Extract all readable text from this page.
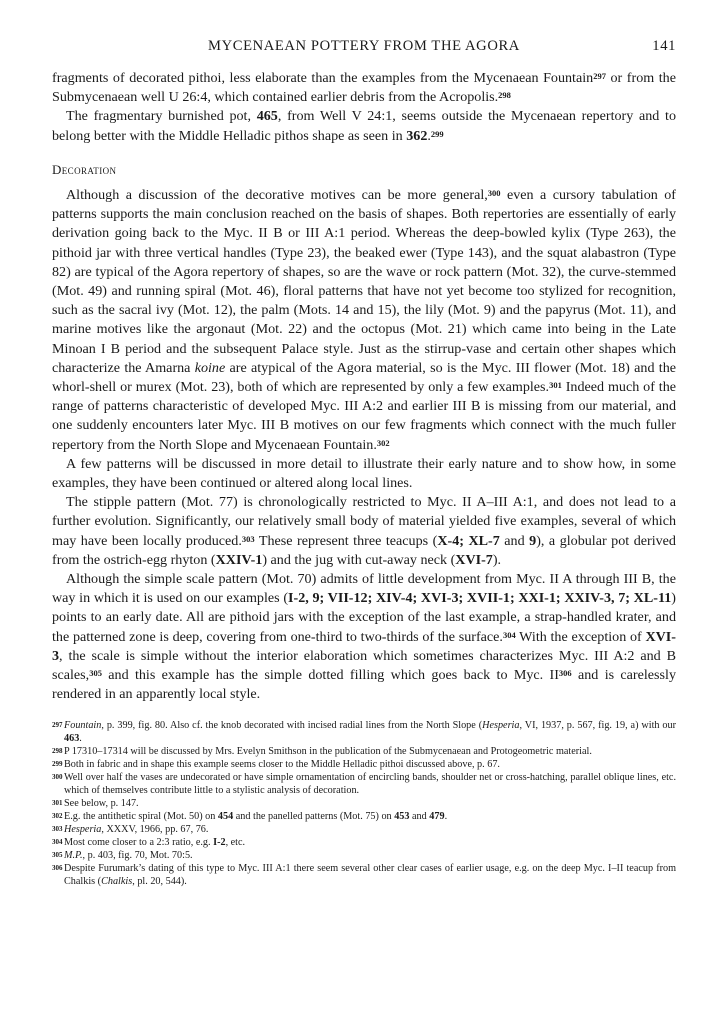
MYCENAEAN POTTERY FROM THE AGORA	141

fragments of decorated pithoi, less elaborate than the examples from the Mycenaean Fountain$^{297}$ or from the Submycenaean well U 26:4, which contained earlier debris from the Acropolis.$^{298}$

The fragmentary burnished pot, 465, from Well V 24:1, seems outside the Mycenaean repertory and to belong better with the Middle Helladic pithos shape as seen in 362.$^{299}$

Decoration

Although a discussion of the decorative motives can be more general,$^{300}$ even a cursory tabulation of patterns supports the main conclusion reached on the basis of shapes. Both repertories are essentially of early derivation going back to the Myc. II B or III A:1 period. Whereas the deep-bowled kylix (Type 263), the pithoid jar with three vertical handles (Type 23), the beaked ewer (Type 143), and the squat alabastron (Type 82) are typical of the Agora repertory of shapes, so are the wave or rock pattern (Mot. 32), the curve-stemmed (Mot. 49) and running spiral (Mot. 46), floral patterns that have not yet become too stylized for recognition, such as the sacral ivy (Mot. 12), the palm (Mots. 14 and 15), the lily (Mot. 9) and the papyrus (Mot. 11), and marine motives like the argonaut (Mot. 22) and the octopus (Mot. 21) which came into being in the Late Minoan I B period and the subsequent Palace style. Just as the stirrup-vase and certain other shapes which characterize the Amarna koine are atypical of the Agora material, so is the Myc. III flower (Mot. 18) and the whorl-shell or murex (Mot. 23), both of which are represented by only a few examples.$^{301}$ Indeed much of the range of patterns characteristic of developed Myc. III A:2 and earlier III B is missing from our material, and one suddenly encounters later Myc. III B motives on our few fragments which connect with the much fuller repertory from the North Slope and Mycenaean Fountain.$^{302}$

A few patterns will be discussed in more detail to illustrate their early nature and to show how, in some examples, they have been continued or altered along local lines.

The stipple pattern (Mot. 77) is chronologically restricted to Myc. II A–III A:1, and does not lead to a further evolution. Significantly, our relatively small body of material yielded five examples, several of which may have been locally produced.$^{303}$ These represent three teacups (X-4; XL-7 and 9), a globular pot derived from the ostrich-egg rhyton (XXIV-1) and the jug with cut-away neck (XVI-7).

Although the simple scale pattern (Mot. 70) admits of little development from Myc. II A through III B, the way in which it is used on our examples (I-2, 9; VII-12; XIV-4; XVI-3; XVII-1; XXI-1; XXIV-3, 7; XL-11) points to an early date. All are pithoid jars with the exception of the last example, a strap-handled krater, and the patterned zone is deep, covering from one-third to two-thirds of the surface.$^{304}$ With the exception of XVI-3, the scale is simple without the interior elaboration which sometimes characterizes Myc. III A:2 and B scales,$^{305}$ and this example has the simple dotted filling which goes back to Myc. II$^{306}$ and is carelessly rendered in an apparently local style.

297 Fountain, p. 399, fig. 80. Also cf. the knob decorated with incised radial lines from the North Slope (Hesperia, VI, 1937, p. 567, fig. 19, a) with our 463.

298 P 17310–17314 will be discussed by Mrs. Evelyn Smithson in the publication of the Submycenaean and Protogeometric material.

299 Both in fabric and in shape this example seems closer to the Middle Helladic pithoi discussed above, p. 67.

300 Well over half the vases are undecorated or have simple ornamentation of encircling bands, shoulder net or cross-hatching, parallel oblique lines, etc. which of themselves contribute little to a stylistic analysis of decoration.

301 See below, p. 147.

302 E.g. the antithetic spiral (Mot. 50) on 454 and the panelled patterns (Mot. 75) on 453 and 479.

303 Hesperia, XXXV, 1966, pp. 67, 76.

304 Most come closer to a 2:3 ratio, e.g. I-2, etc.

305 M.P., p. 403, fig. 70, Mot. 70:5.

306 Despite Furumark’s dating of this type to Myc. III A:1 there seem several other clear cases of earlier usage, e.g. on the deep Myc. I–II teacup from Chalkis (Chalkis, pl. 20, 544).
